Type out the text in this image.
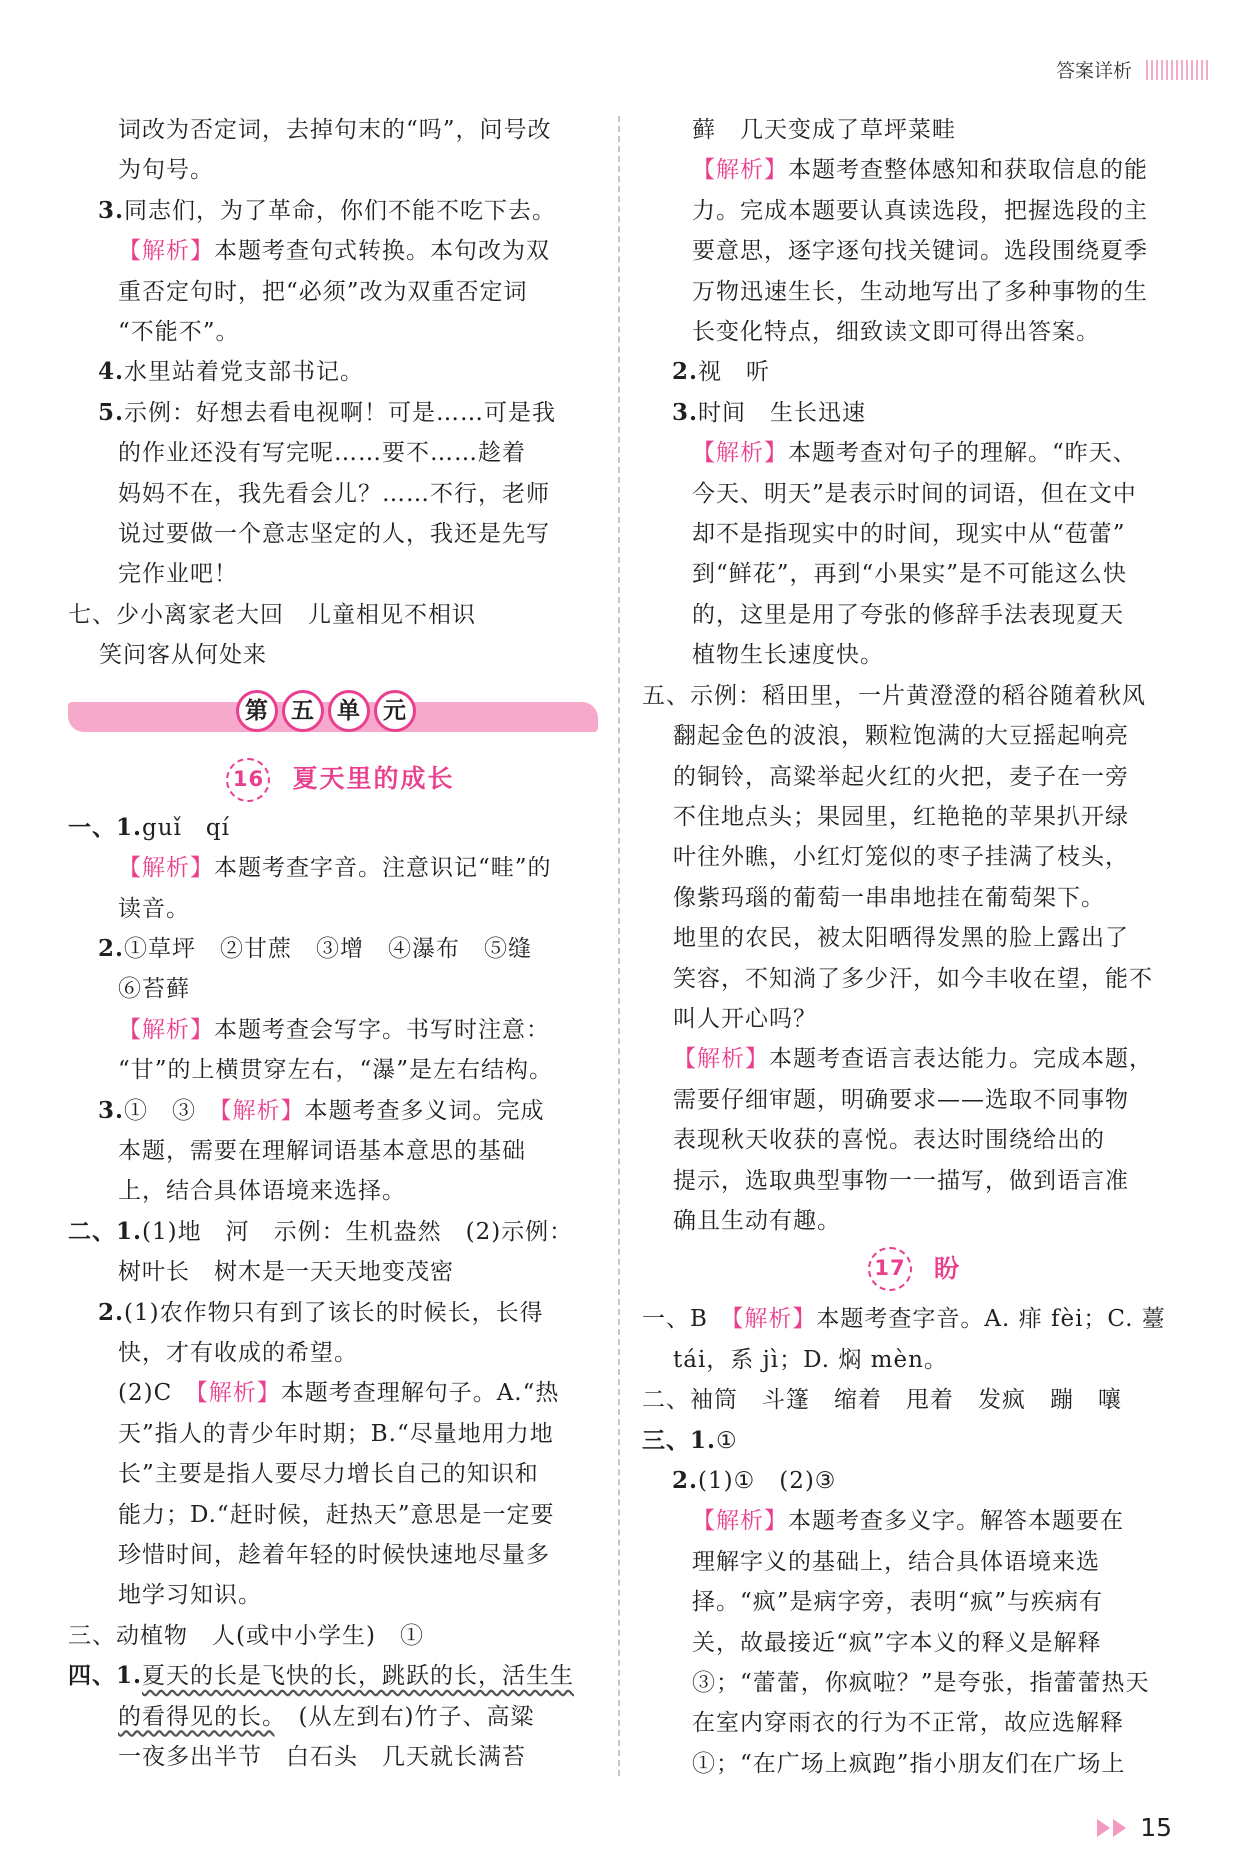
答案详析
词改为否定词，去掉句末的“吗”，问号改
为句号。
3.同志们，为了革命，你们不能不吃下去。
【解析】本题考查句式转换。本句改为双
重否定句时，把“必须”改为双重否定词
“不能不”。
4.水里站着党支部书记。
5.示例：好想去看电视啊！可是……可是我
的作业还没有写完呢……要不……趁着
妈妈不在，我先看会儿？……不行，老师
说过要做一个意志坚定的人，我还是先写
完作业吧！
七、少小离家老大回　儿童相见不相识
笑问客从何处来
第 五 单 元
16 夏天里的成长
一、1.guǐ　qí
【解析】本题考查字音。注意识记“畦”的
读音。
2.①草坪　②甘蔗　③增　④瀑布　⑤缝
⑥苔藓
【解析】本题考查会写字。书写时注意：
“甘”的上横贯穿左右，“瀑”是左右结构。
3.①　③　【解析】本题考查多义词。完成
本题，需要在理解词语基本意思的基础
上，结合具体语境来选择。
二、1.(1)地　河　示例：生机盎然　(2)示例：
树叶长　树木是一天天地变茂密
2.(1)农作物只有到了该长的时候长，长得
快，才有收成的希望。
(2)C　【解析】本题考查理解句子。A.“热
天”指人的青少年时期；B.“尽量地用力地
长”主要是指人要尽力增长自己的知识和
能力；D.“赶时候，赶热天”意思是一定要
珍惜时间，趁着年轻的时候快速地尽量多
地学习知识。
三、动植物　人(或中小学生)　①
四、1.夏天的长是飞快的长，跳跃的长，活生生
的看得见的长。　(从左到右)竹子、高粱
一夜多出半节　白石头　几天就长满苔
藓　几天变成了草坪菜畦
【解析】本题考查整体感知和获取信息的能
力。完成本题要认真读选段，把握选段的主
要意思，逐字逐句找关键词。选段围绕夏季
万物迅速生长，生动地写出了多种事物的生
长变化特点，细致读文即可得出答案。
2.视　听
3.时间　生长迅速
【解析】本题考查对句子的理解。“昨天、
今天、明天”是表示时间的词语，但在文中
却不是指现实中的时间，现实中从“苞蕾”
到“鲜花”，再到“小果实”是不可能这么快
的，这里是用了夸张的修辞手法表现夏天
植物生长速度快。
五、示例：稻田里，一片黄澄澄的稻谷随着秋风
翻起金色的波浪，颗粒饱满的大豆摇起响亮
的铜铃，高粱举起火红的火把，麦子在一旁
不住地点头；果园里，红艳艳的苹果扒开绿
叶往外瞧，小红灯笼似的枣子挂满了枝头，
像紫玛瑙的葡萄一串串地挂在葡萄架下。
地里的农民，被太阳晒得发黑的脸上露出了
笑容，不知淌了多少汗，如今丰收在望，能不
叫人开心吗？
【解析】本题考查语言表达能力。完成本题，
需要仔细审题，明确要求——选取不同事物
表现秋天收获的喜悦。表达时围绕给出的
提示，选取典型事物一一描写，做到语言准
确且生动有趣。
17 盼
一、B　【解析】本题考查字音。A. 痱 fèi；C. 薹
tái，系 jì；D. 焖 mèn。
二、袖筒　斗篷　缩着　甩着　发疯　蹦　嚷
三、1.①
2.(1)①　(2)③
【解析】本题考查多义字。解答本题要在
理解字义的基础上，结合具体语境来选
择。“疯”是病字旁，表明“疯”与疾病有
关，故最接近“疯”字本义的释义是解释
③；“蕾蕾，你疯啦？”是夸张，指蕾蕾热天
在室内穿雨衣的行为不正常，故应选解释
①；“在广场上疯跑”指小朋友们在广场上
15
